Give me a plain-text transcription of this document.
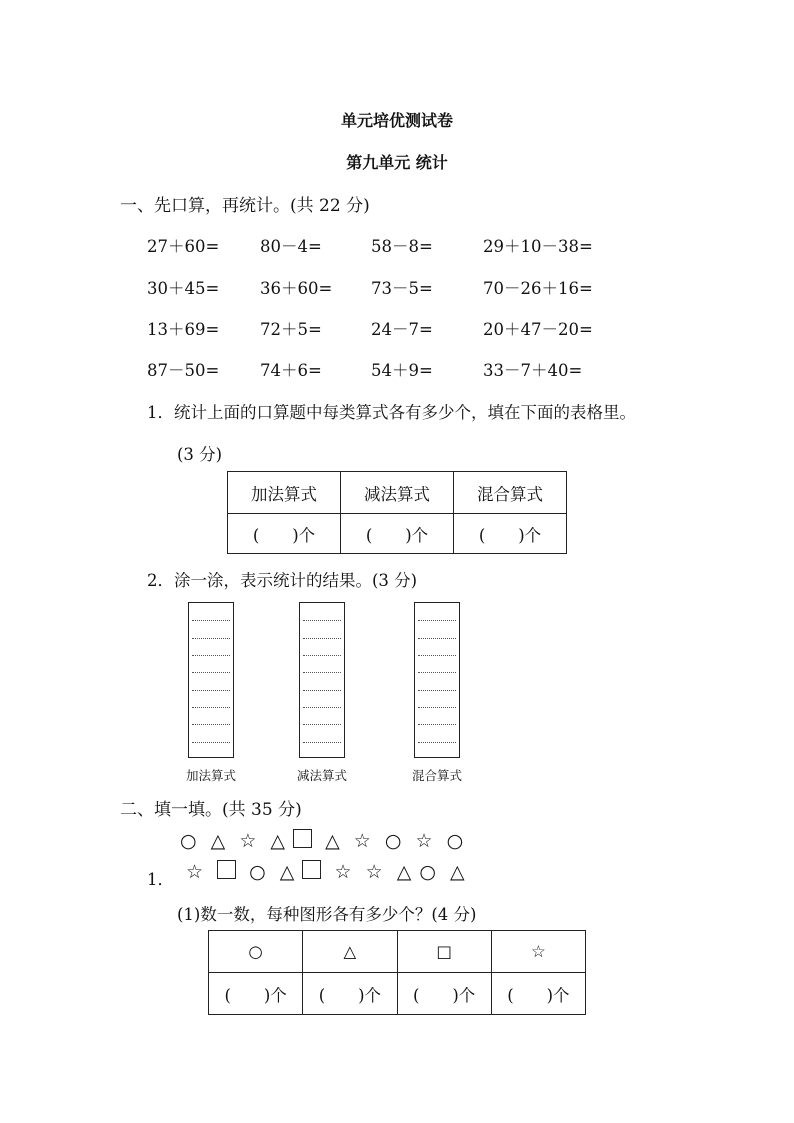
单元培优测试卷
第九单元 统计
一、先口算，再统计。(共 22 分)
27＋60= 80－4=	58－8=	29＋10－38=
30＋45= 36＋60= 73－5=	70－26＋16=
13＋69= 72＋5=	24－7=	20＋47－20=
87－50= 74＋6=	54＋9=	33－7＋40=
1．统计上面的口算题中每类算式各有多少个，填在下面的表格里。
(3 分)
加法算式	减法算式	混合算式
(　　)个	(　　)个	(　　)个
2．涂一涂，表示统计的结果。(3 分)
加法算式	减法算式	混合算式
二、填一填。(共 35 分)
○ △ ☆ △ △ ☆ ○ ☆ ○
1． ☆ ○ △ ☆ ☆ △ ○ △
(1)数一数，每种图形各有多少个？(4 分)
○	△	□	☆
(　　)个	(　　)个	(　　)个	(　　)个
